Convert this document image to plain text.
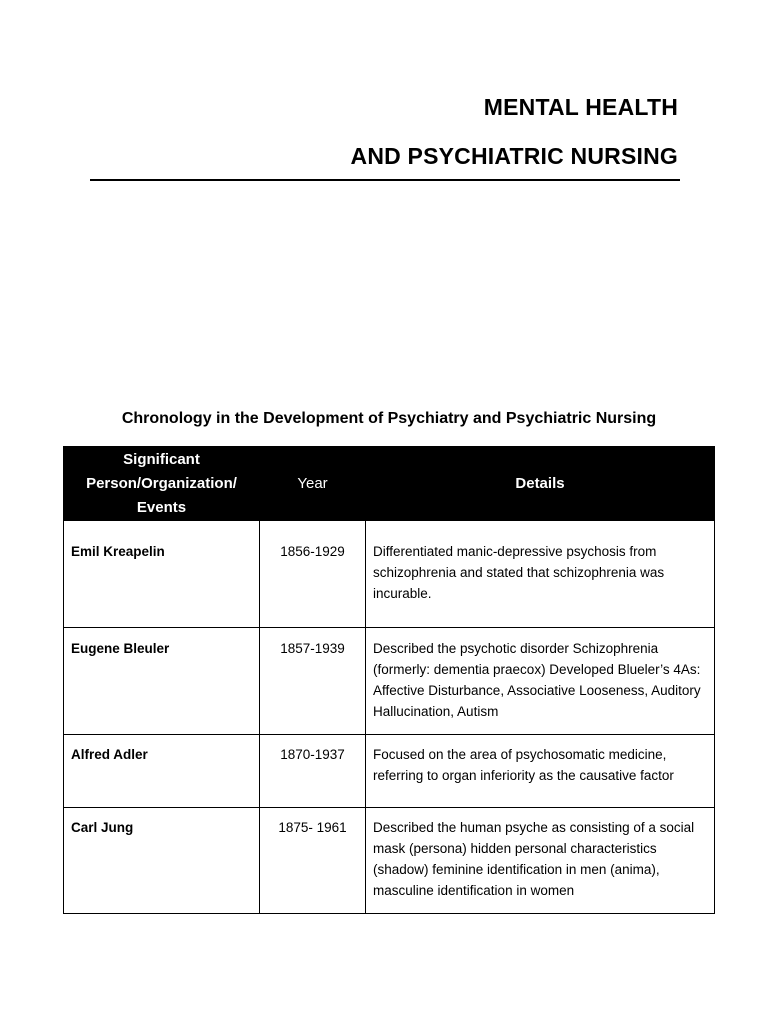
MENTAL HEALTH
AND PSYCHIATRIC NURSING
Chronology in the Development of Psychiatry and Psychiatric Nursing
Significant Person/Organization/ Events	Year	Details
Emil Kreapelin	1856-1929	Differentiated manic-depressive psychosis from schizophrenia and stated that schizophrenia was incurable.
Eugene Bleuler	1857-1939	Described the psychotic disorder Schizophrenia (formerly: dementia praecox) Developed Blueler’s 4As: Affective Disturbance, Associative Looseness, Auditory Hallucination, Autism
Alfred Adler	1870-1937	Focused on the area of psychosomatic medicine, referring to organ inferiority as the causative factor
Carl Jung	1875- 1961	Described the human psyche as consisting of a social mask (persona) hidden personal characteristics (shadow) feminine identification in men (anima), masculine identification in women
